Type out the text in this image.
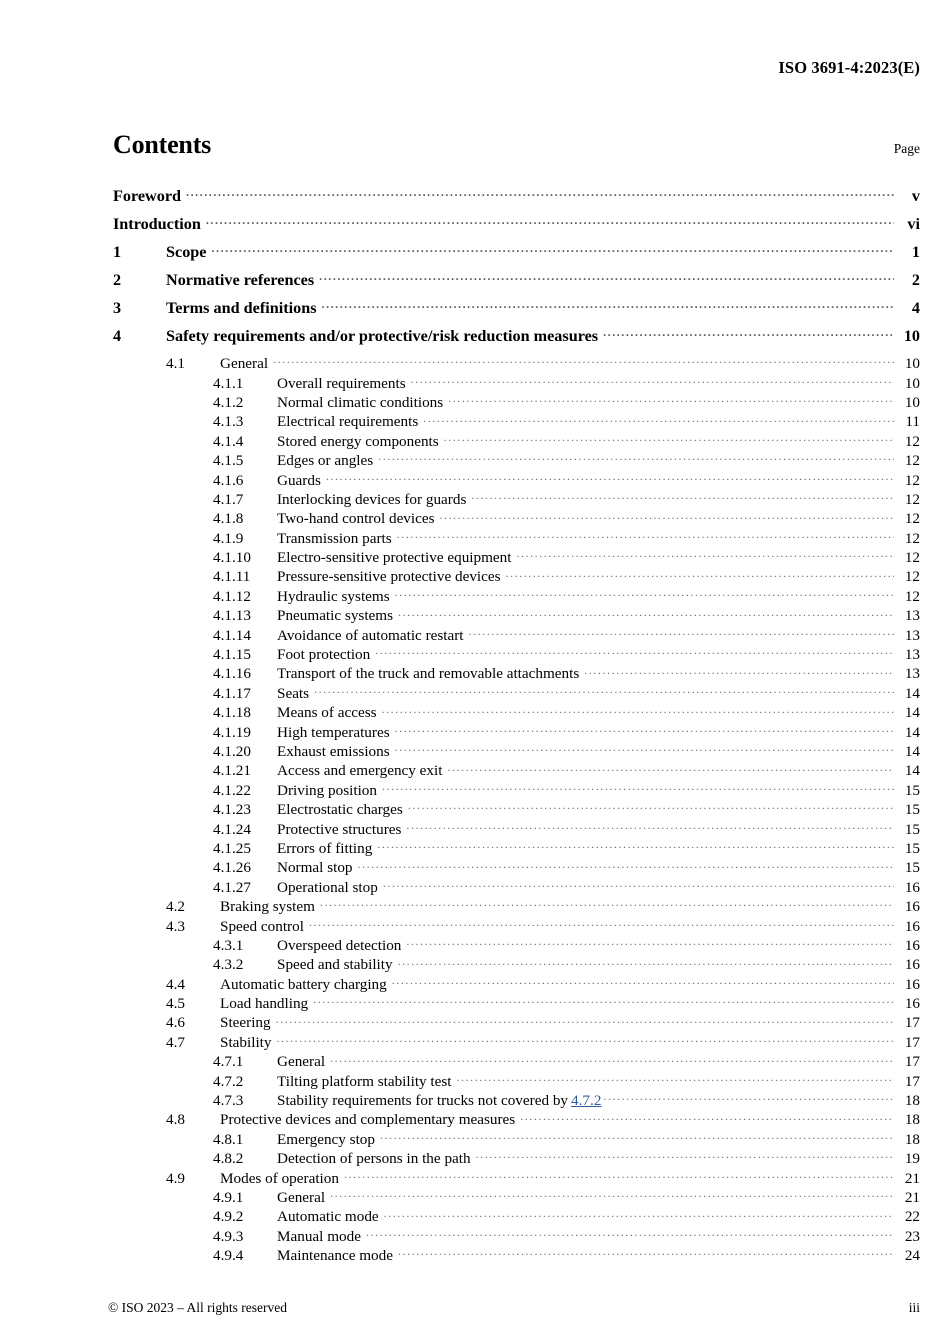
ISO 3691-4:2023(E)
Contents	Page
Foreword .....	v
Introduction .....	vi
1	Scope .....	1
2	Normative references .....	2
3	Terms and definitions .....	4
4	Safety requirements and/or protective/risk reduction measures .....	10
4.1	General .....	10
4.1.1	Overall requirements .....	10
4.1.2	Normal climatic conditions .....	10
4.1.3	Electrical requirements .....	11
4.1.4	Stored energy components .....	12
4.1.5	Edges or angles .....	12
4.1.6	Guards .....	12
4.1.7	Interlocking devices for guards .....	12
4.1.8	Two-hand control devices .....	12
4.1.9	Transmission parts .....	12
4.1.10	Electro-sensitive protective equipment .....	12
4.1.11	Pressure-sensitive protective devices .....	12
4.1.12	Hydraulic systems .....	12
4.1.13	Pneumatic systems .....	13
4.1.14	Avoidance of automatic restart .....	13
4.1.15	Foot protection .....	13
4.1.16	Transport of the truck and removable attachments .....	13
4.1.17	Seats .....	14
4.1.18	Means of access .....	14
4.1.19	High temperatures .....	14
4.1.20	Exhaust emissions .....	14
4.1.21	Access and emergency exit .....	14
4.1.22	Driving position .....	15
4.1.23	Electrostatic charges .....	15
4.1.24	Protective structures .....	15
4.1.25	Errors of fitting .....	15
4.1.26	Normal stop .....	15
4.1.27	Operational stop .....	16
4.2	Braking system .....	16
4.3	Speed control .....	16
4.3.1	Overspeed detection .....	16
4.3.2	Speed and stability .....	16
4.4	Automatic battery charging .....	16
4.5	Load handling .....	16
4.6	Steering .....	17
4.7	Stability .....	17
4.7.1	General .....	17
4.7.2	Tilting platform stability test .....	17
4.7.3	Stability requirements for trucks not covered by 4.7.2 .....	18
4.8	Protective devices and complementary measures .....	18
4.8.1	Emergency stop .....	18
4.8.2	Detection of persons in the path .....	19
4.9	Modes of operation .....	21
4.9.1	General .....	21
4.9.2	Automatic mode .....	22
4.9.3	Manual mode .....	23
4.9.4	Maintenance mode .....	24
© ISO 2023 – All rights reserved	iii
